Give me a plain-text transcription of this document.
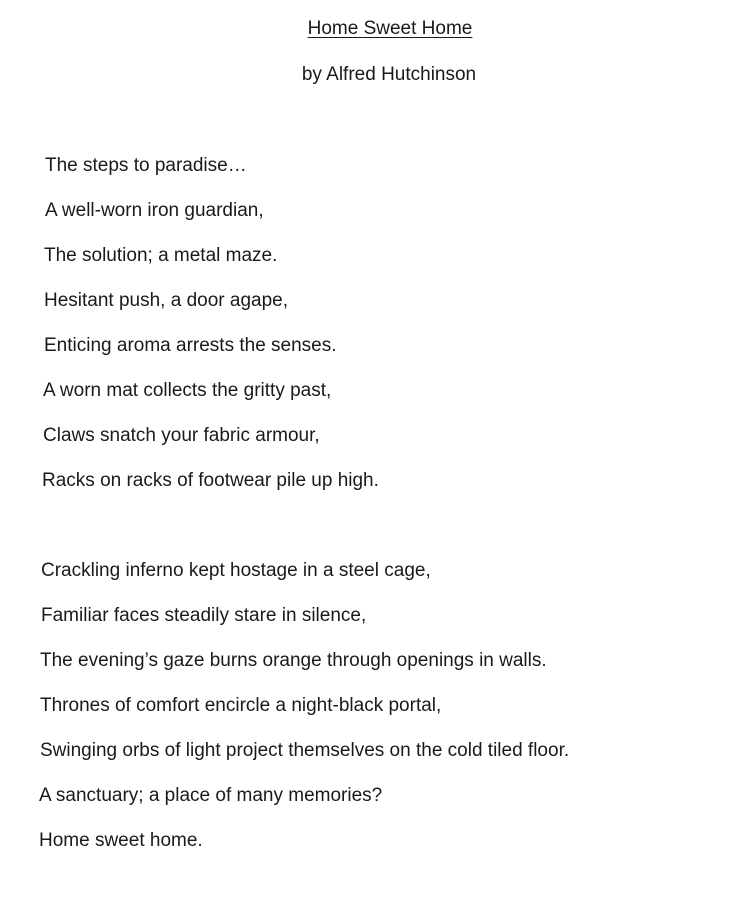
Home Sweet Home
by Alfred Hutchinson
The steps to paradise…
A well-worn iron guardian,
The solution; a metal maze.
Hesitant push, a door agape,
Enticing aroma arrests the senses.
A worn mat collects the gritty past,
Claws snatch your fabric armour,
Racks on racks of footwear pile up high.
Crackling inferno kept hostage in a steel cage,
Familiar faces steadily stare in silence,
The evening’s gaze burns orange through openings in walls.
Thrones of comfort encircle a night-black portal,
Swinging orbs of light project themselves on the cold tiled floor.
A sanctuary; a place of many memories?
Home sweet home.
